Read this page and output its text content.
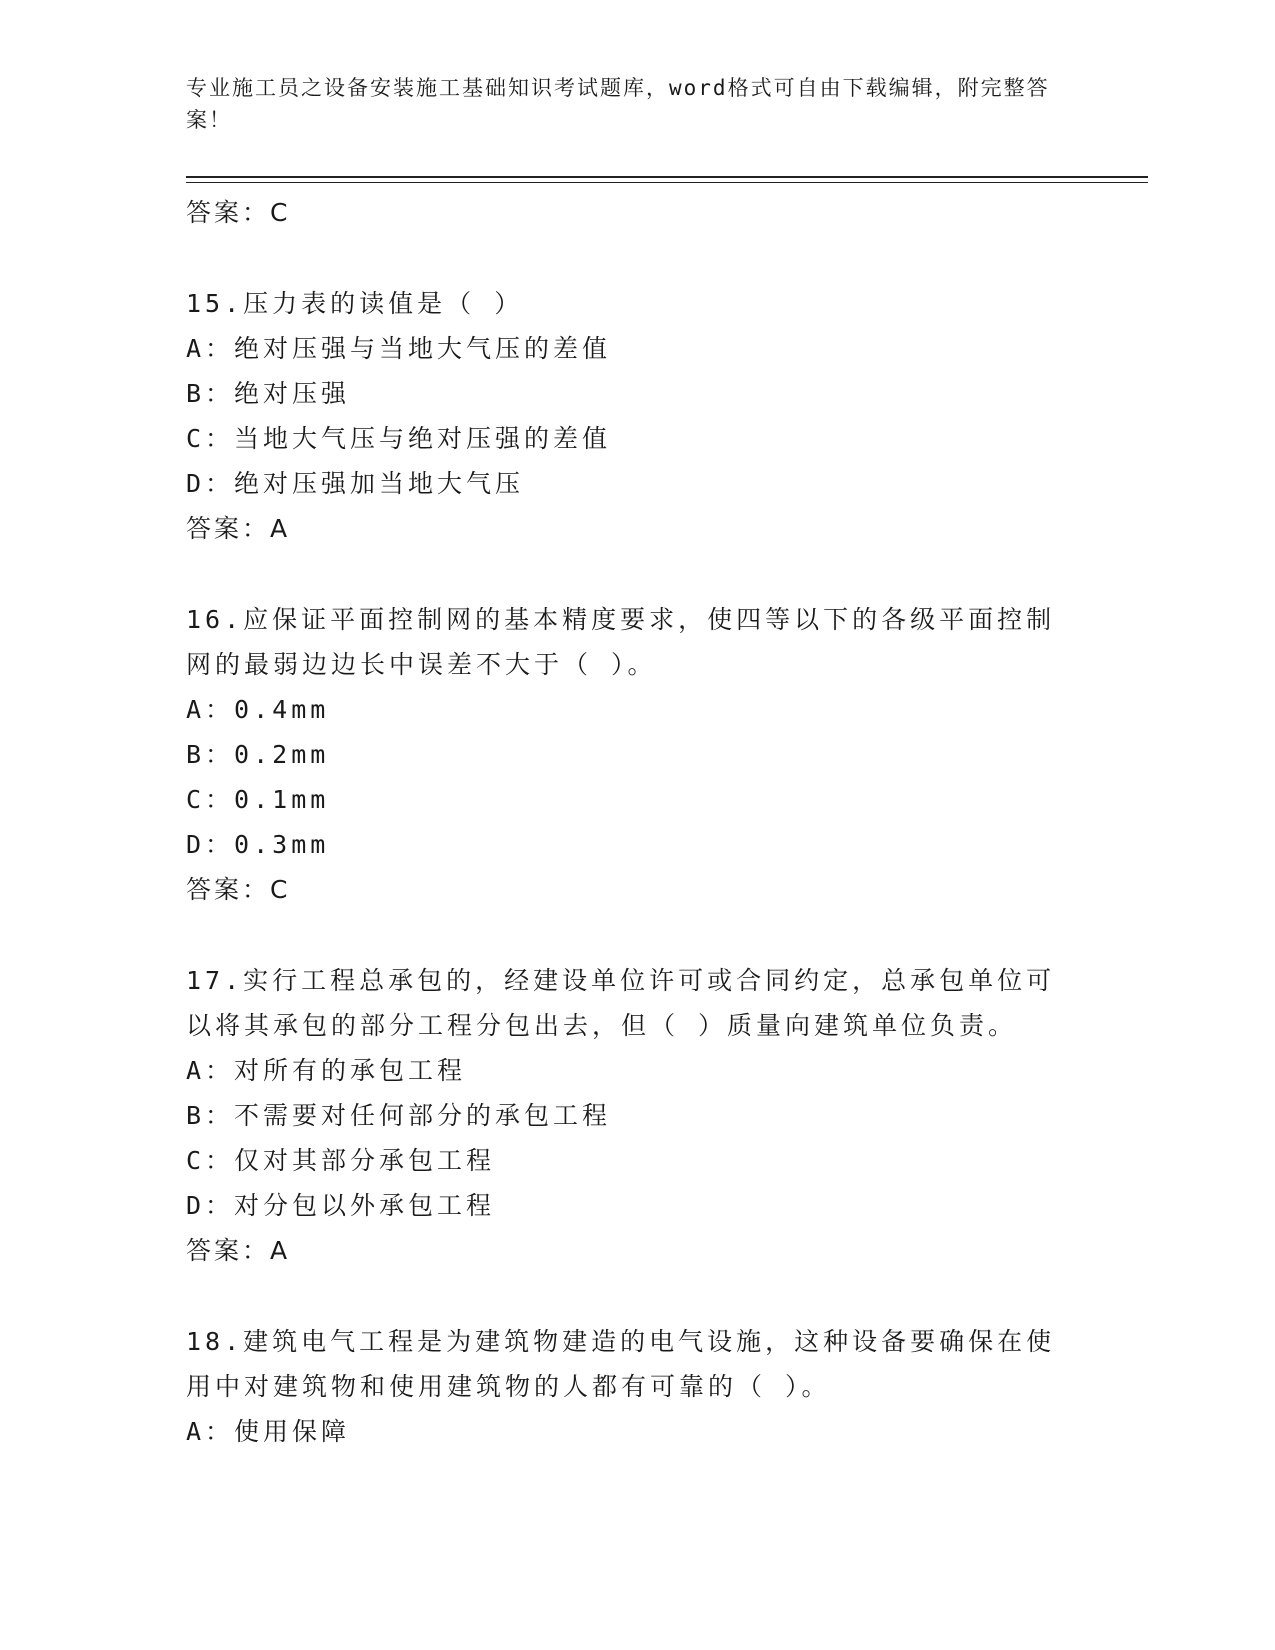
专业施工员之设备安装施工基础知识考试题库，word格式可自由下载编辑，附完整答案！
答案：C
15.压力表的读值是（ ）
A：绝对压强与当地大气压的差值
B：绝对压强
C：当地大气压与绝对压强的差值
D：绝对压强加当地大气压
答案：A
16.应保证平面控制网的基本精度要求，使四等以下的各级平面控制网的最弱边边长中误差不大于（ ）。
A：0.4mm
B：0.2mm
C：0.1mm
D：0.3mm
答案：C
17.实行工程总承包的，经建设单位许可或合同约定，总承包单位可以将其承包的部分工程分包出去，但（ ）质量向建筑单位负责。
A：对所有的承包工程
B：不需要对任何部分的承包工程
C：仅对其部分承包工程
D：对分包以外承包工程
答案：A
18.建筑电气工程是为建筑物建造的电气设施，这种设备要确保在使用中对建筑物和使用建筑物的人都有可靠的（ ）。
A：使用保障
